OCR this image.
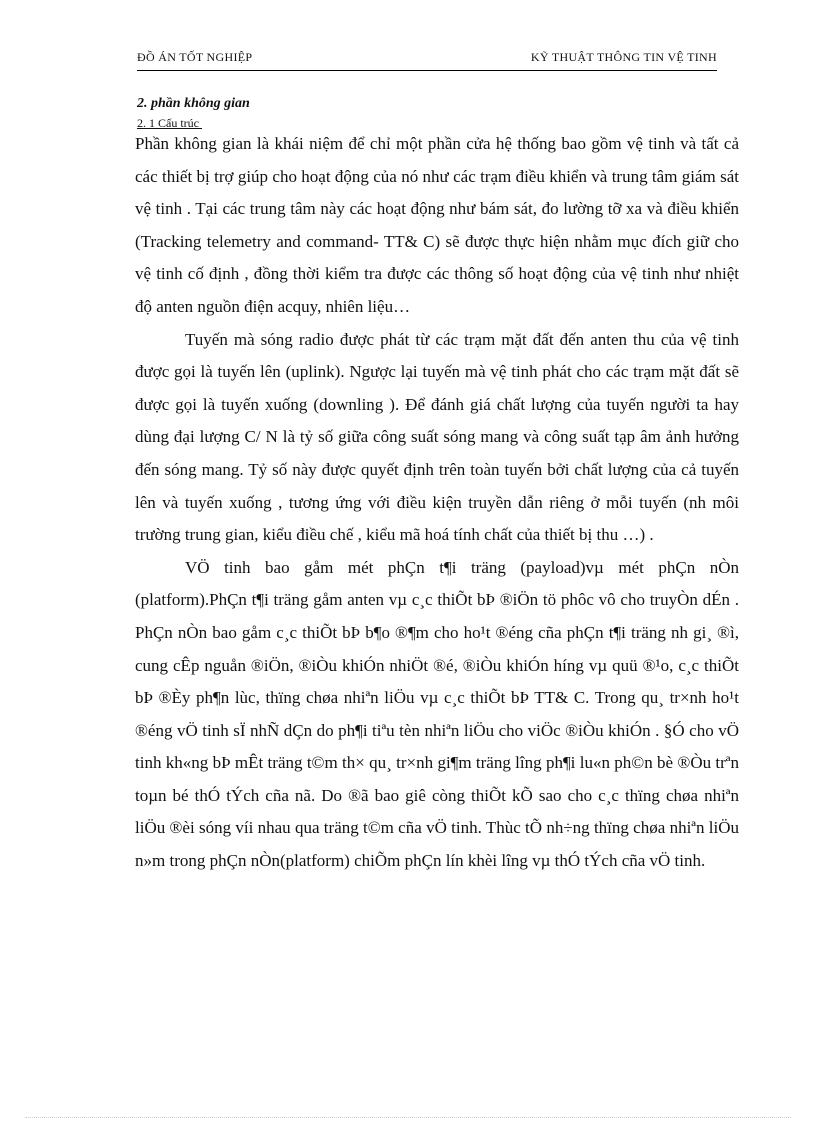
ĐỒ ÁN TỐT NGHIỆP	KỸ THUẬT THÔNG TIN VỆ TINH
2. phần không gian
2. 1 Cấu trúc

Phần không gian là khái niệm để chỉ một phần cửa hệ thống bao gồm vệ tinh và tất cả các thiết bị trợ giúp cho hoạt động của nó như các trạm điều khiển và trung tâm giám sát vệ tinh . Tại các trung tâm này các hoạt động như bám sát, đo lường tỡ xa và điều khiển (Tracking telemetry and command- TT& C) sẽ được thực hiện nhằm mục đích giữ cho vệ tinh cố định , đồng thời kiểm tra được các thông số hoạt động của vệ tinh như nhiệt độ anten nguồn điện acquy, nhiên liệu…

Tuyến mà sóng radio được phát từ các trạm mặt đất đến anten thu của vệ tinh được gọi là tuyến lên (uplink). Ngược lại tuyến mà vệ tinh phát cho các trạm mặt đất sẽ được gọi là tuyến xuống (downling ). Để đánh giá chất lượng của tuyến người ta hay dùng đại lượng C/ N là tỷ số giữa công suất sóng mang và công suất tạp âm ảnh hưởng đến sóng mang. Tỷ số này được quyết định trên toàn tuyến bởi chất lượng của cả tuyến lên và tuyến xuống , tương ứng với điều kiện truyền dẫn riêng ở mỗi tuyến (nh môi trường trung gian, kiểu điều chế , kiểu mã hoá tính chất của thiết bị thu …) .

VÖ tinh bao gåm mét phÇn t¶i träng (payload)vµ mét phÇn nÒn (platform).PhÇn t¶i träng gåm anten vµ c¸c thiÕt bÞ ®iÖn tö phôc vô cho truyÒn dÉn . PhÇn nÒn bao gåm c¸c thiÕt bÞ b¶o ®¶m cho ho¹t ®éng cña phÇn t¶i träng nh gi¸ ®ì, cung cÊp nguån ®iÖn, ®iÒu khiÓn nhiÖt ®é, ®iÒu khiÓn híng vµ quü ®¹o, c¸c thiÕt bÞ ®Èy ph¶n lùc, thïng chøa nhiªn liÖu vµ c¸c thiÕt bÞ TT& C. Trong qu¸ tr×nh ho¹t ®éng vÖ tinh sÏ nhÑ dÇn do ph¶i tiªu tèn nhiªn liÖu cho viÖc ®iÒu khiÓn . §Ó cho vÖ tinh kh«ng bÞ mÊt träng t©m th× qu¸ tr×nh gi¶m träng lîng ph¶i lu«n ph©n bè ®Òu trªn toµn bé thÓ tÝch cña nã. Do ®ã bao giê còng thiÕt kÕ sao cho c¸c thïng chøa nhiªn liÖu ®èi sóng víi nhau qua träng t©m cña vÖ tinh. Thùc tÕ nh÷ng thïng chøa nhiªn liÖu n»m trong phÇn nÒn(platform) chiÕm phÇn lín khèi lîng vµ thÓ tÝch cña vÖ tinh.
